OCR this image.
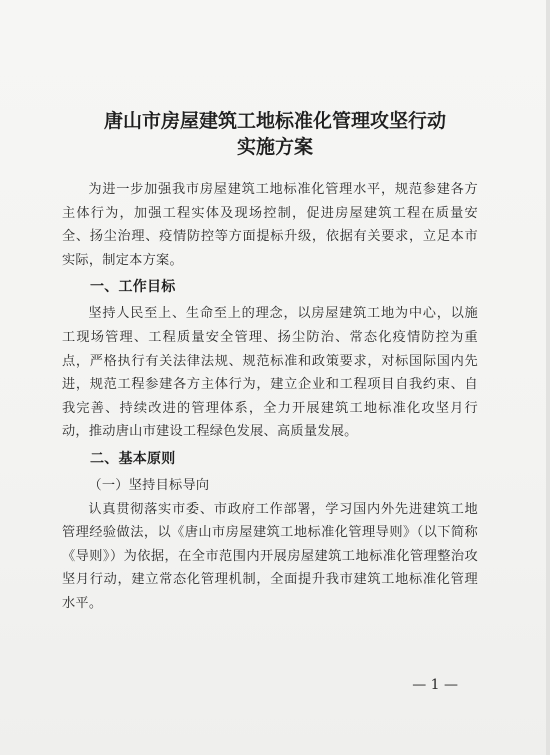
唐山市房屋建筑工地标准化管理攻坚行动
实施方案

为进一步加强我市房屋建筑工地标准化管理水平，规范参建各方主体行为，加强工程实体及现场控制，促进房屋建筑工程在质量安全、扬尘治理、疫情防控等方面提标升级，依据有关要求，立足本市实际，制定本方案。

一、工作目标

坚持人民至上、生命至上的理念，以房屋建筑工地为中心，以施工现场管理、工程质量安全管理、扬尘防治、常态化疫情防控为重点，严格执行有关法律法规、规范标准和政策要求，对标国际国内先进，规范工程参建各方主体行为，建立企业和工程项目自我约束、自我完善、持续改进的管理体系，全力开展建筑工地标准化攻坚月行动，推动唐山市建设工程绿色发展、高质量发展。

二、基本原则
（一）坚持目标导向

认真贯彻落实市委、市政府工作部署，学习国内外先进建筑工地管理经验做法，以《唐山市房屋建筑工地标准化管理导则》（以下简称《导则》）为依据，在全市范围内开展房屋建筑工地标准化管理整治攻坚月行动，建立常态化管理机制，全面提升我市建筑工地标准化管理水平。

— 1 —
